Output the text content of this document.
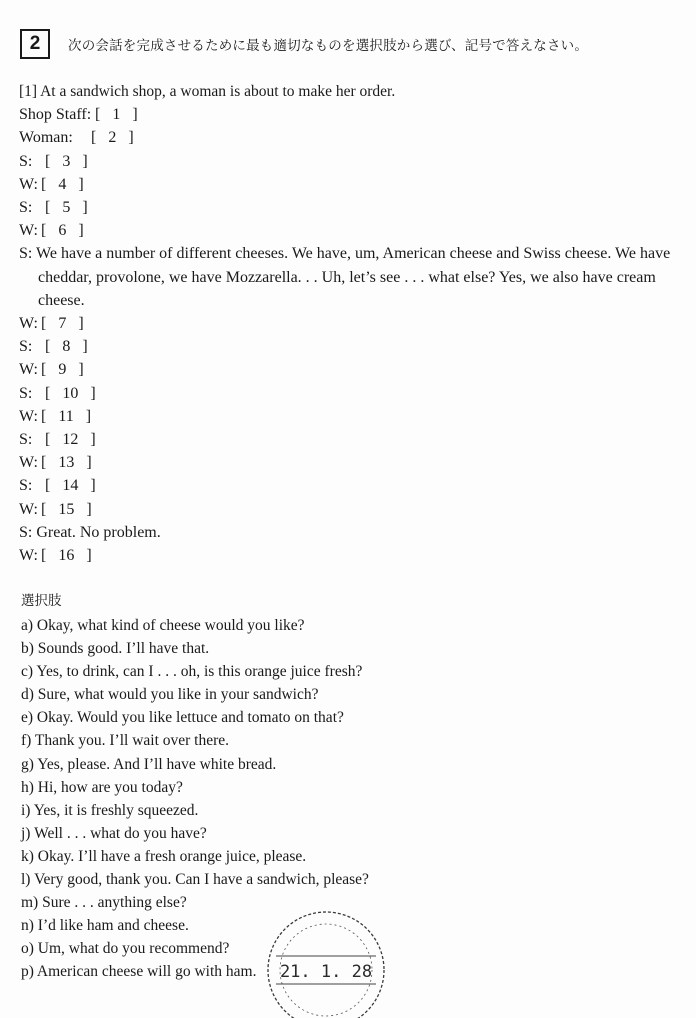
2	次の会話を完成させるために最も適切なものを選択肢から選び、記号で答えなさい。
[1] At a sandwich shop, a woman is about to make her order.
Shop Staff: [   1   ]
Woman: [   2   ]
S: [   3   ]
W: [   4   ]
S: [   5   ]
W: [   6   ]
S: We have a number of different cheeses. We have, um, American cheese and Swiss cheese. We have cheddar, provolone, we have Mozzarella. . . Uh, let’s see . . . what else? Yes, we also have cream cheese.
W: [   7   ]
S: [   8   ]
W: [   9   ]
S: [   10   ]
W: [   11   ]
S: [   12   ]
W: [   13   ]
S: [   14   ]
W: [   15   ]
S: Great. No problem.
W: [   16   ]
選択肢
a) Okay, what kind of cheese would you like?
b) Sounds good. I’ll have that.
c) Yes, to drink, can I . . . oh, is this orange juice fresh?
d) Sure, what would you like in your sandwich?
e) Okay. Would you like lettuce and tomato on that?
f) Thank you. I’ll wait over there.
g) Yes, please. And I’ll have white bread.
h) Hi, how are you today?
i) Yes, it is freshly squeezed.
j) Well . . . what do you have?
k) Okay. I’ll have a fresh orange juice, please.
l) Very good, thank you. Can I have a sandwich, please?
m) Sure . . . anything else?
n) I’d like ham and cheese.
o) Um, what do you recommend?
p) American cheese will go with ham.	21. 1. 28
